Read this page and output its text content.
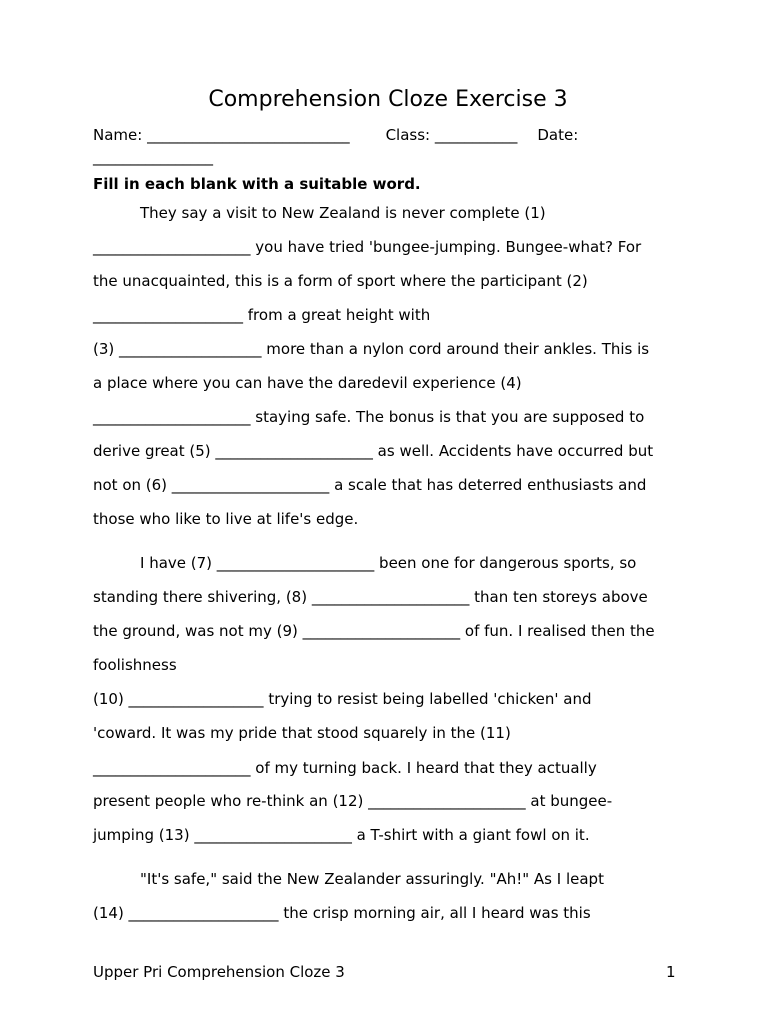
Comprehension Cloze Exercise 3
Name: ___________________________ Class: ___________ Date:
________________
Fill in each blank with a suitable word.
They say a visit to New Zealand is never complete (1)
_____________________ you have tried 'bungee-jumping. Bungee-what? For
the unacquainted, this is a form of sport where the participant (2)
____________________ from a great height with
(3) ___________________ more than a nylon cord around their ankles. This is
a place where you can have the daredevil experience (4)
_____________________ staying safe. The bonus is that you are supposed to
derive great (5) _____________________ as well. Accidents have occurred but
not on (6) _____________________ a scale that has deterred enthusiasts and
those who like to live at life's edge.
I have (7) _____________________ been one for dangerous sports, so
standing there shivering, (8) _____________________ than ten storeys above
the ground, was not my (9) _____________________ of fun. I realised then the
foolishness
(10) __________________ trying to resist being labelled 'chicken' and
'coward. It was my pride that stood squarely in the (11)
_____________________ of my turning back. I heard that they actually
present people who re-think an (12) _____________________ at bungee-
jumping (13) _____________________ a T-shirt with a giant fowl on it.
"It's safe," said the New Zealander assuringly. "Ah!" As I leapt
(14) ____________________ the crisp morning air, all I heard was this
Upper Pri Comprehension Cloze 3	1
